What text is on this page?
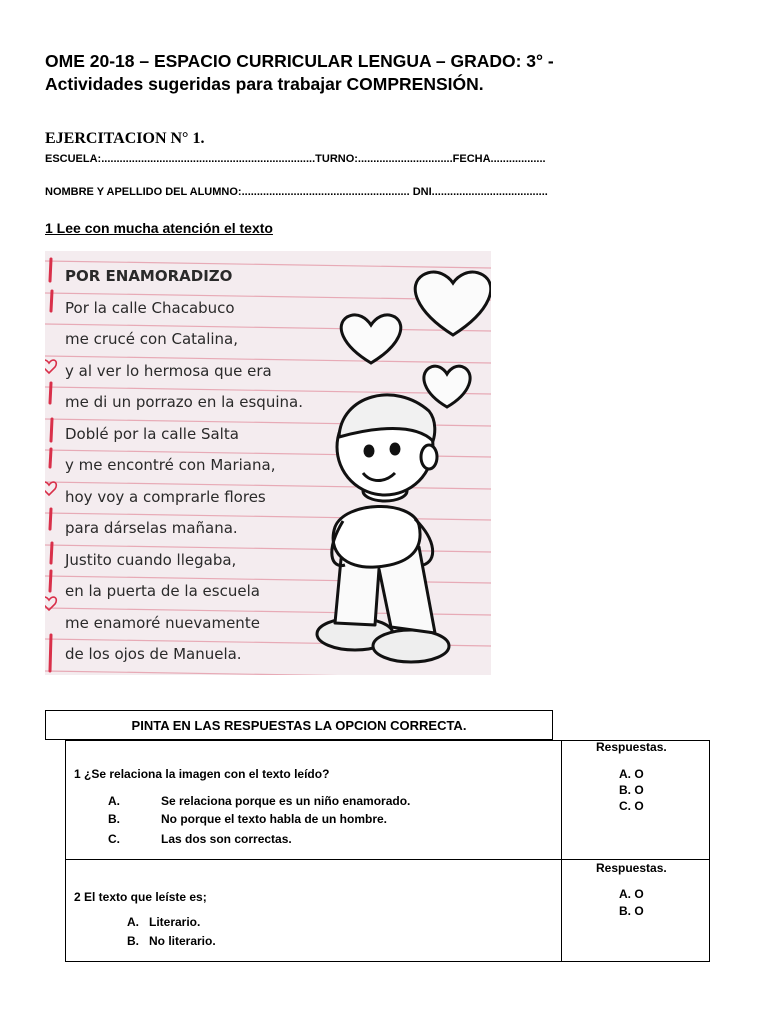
OME 20-18 – ESPACIO CURRICULAR LENGUA – GRADO: 3° -
Actividades sugeridas para trabajar COMPRENSIÓN.
EJERCITACION N° 1.
ESCUELA:......................................................................TURNO:...............................FECHA..................
NOMBRE Y APELLIDO DEL ALUMNO:....................................................... DNI......................................
1 Lee con mucha atención el texto
POR ENAMORADIZO
Por la calle Chacabuco
me crucé con Catalina,
y al ver lo hermosa que era
me di un porrazo en la esquina.
Doblé por la calle Salta
y me encontré con Mariana,
hoy voy a comprarle flores
para dárselas mañana.
Justito cuando llegaba,
en la puerta de la escuela
me enamoré nuevamente
de los ojos de Manuela.
PINTA EN LAS RESPUESTAS LA OPCION CORRECTA.
1 ¿Se relaciona la imagen con el texto leído?
A.	Se relaciona porque es un niño enamorado.
B.	No porque el texto habla de un hombre.
C.	Las dos son correctas.
Respuestas.
A. O
B. O
C. O
2 El texto que leíste es;
A. Literario.
B. No literario.
Respuestas.
A. O
B. O
